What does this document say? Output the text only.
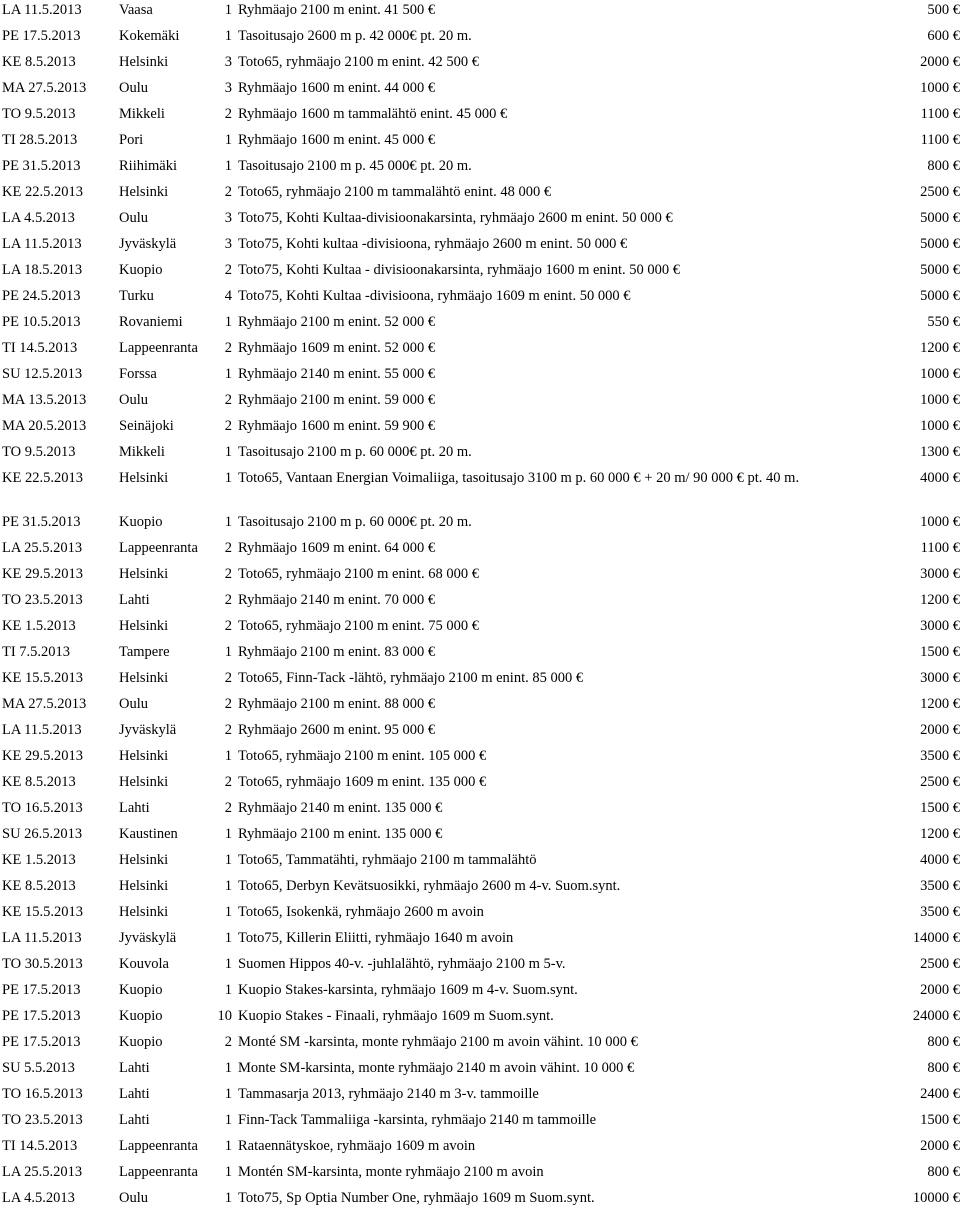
LA 11.5.2013	Vaasa	1 Ryhmäajo 2100 m enint. 41 500 €	500 €
PE 17.5.2013	Kokemäki	1 Tasoitusajo 2600 m p. 42 000€ pt. 20 m.	600 €
KE 8.5.2013	Helsinki	3 Toto65, ryhmäajo 2100 m enint. 42 500 €	2000 €
MA 27.5.2013 Oulu	3 Ryhmäajo 1600 m enint. 44 000 €	1000 €
TO 9.5.2013	Mikkeli	2 Ryhmäajo 1600 m tammalähtö enint. 45 000 €	1100 €
TI 28.5.2013	Pori	1 Ryhmäajo 1600 m enint. 45 000 €	1100 €
PE 31.5.2013	Riihimäki	1 Tasoitusajo 2100 m p. 45 000€ pt. 20 m.	800 €
KE 22.5.2013 Helsinki	2 Toto65, ryhmäajo 2100 m tammalähtö enint. 48 000 €	2500 €
LA 4.5.2013	Oulu	3 Toto75, Kohti Kultaa-divisioonakarsinta, ryhmäajo 2600 m enint. 50 000 €	5000 €
LA 11.5.2013	Jyväskylä	3 Toto75, Kohti kultaa -divisioona, ryhmäajo 2600 m enint. 50 000 €	5000 €
LA 18.5.2013	Kuopio	2 Toto75, Kohti Kultaa - divisioonakarsinta, ryhmäajo 1600 m enint. 50 000 €	5000 €
PE 24.5.2013	Turku	4 Toto75, Kohti Kultaa -divisioona, ryhmäajo 1609 m enint. 50 000 €	5000 €
PE 10.5.2013	Rovaniemi	1 Ryhmäajo 2100 m enint. 52 000 €	550 €
TI 14.5.2013	Lappeenranta	2 Ryhmäajo 1609 m enint. 52 000 €	1200 €
SU 12.5.2013	Forssa	1 Ryhmäajo 2140 m enint. 55 000 €	1000 €
MA 13.5.2013 Oulu	2 Ryhmäajo 2100 m enint. 59 000 €	1000 €
MA 20.5.2013 Seinäjoki	2 Ryhmäajo 1600 m enint. 59 900 €	1000 €
TO 9.5.2013	Mikkeli	1 Tasoitusajo 2100 m p. 60 000€ pt. 20 m.	1300 €
KE 22.5.2013 Helsinki	1 Toto65, Vantaan Energian Voimaliiga, tasoitusajo 3100 m p. 60 000 € + 20 m/ 90 000 € pt. 40 m.	4000 €
PE 31.5.2013	Kuopio	1 Tasoitusajo 2100 m p. 60 000€ pt. 20 m.	1000 €
LA 25.5.2013	Lappeenranta	2 Ryhmäajo 1609 m enint. 64 000 €	1100 €
KE 29.5.2013 Helsinki	2 Toto65, ryhmäajo 2100 m enint. 68 000 €	3000 €
TO 23.5.2013	Lahti	2 Ryhmäajo 2140 m enint. 70 000 €	1200 €
KE 1.5.2013	Helsinki	2 Toto65, ryhmäajo 2100 m enint. 75 000 €	3000 €
TI 7.5.2013	Tampere	1 Ryhmäajo 2100 m enint. 83 000 €	1500 €
KE 15.5.2013 Helsinki	2 Toto65, Finn-Tack -lähtö, ryhmäajo 2100 m enint. 85 000 €	3000 €
MA 27.5.2013 Oulu	2 Ryhmäajo 2100 m enint. 88 000 €	1200 €
LA 11.5.2013	Jyväskylä	2 Ryhmäajo 2600 m enint. 95 000 €	2000 €
KE 29.5.2013 Helsinki	1 Toto65, ryhmäajo 2100 m enint. 105 000 €	3500 €
KE 8.5.2013	Helsinki	2 Toto65, ryhmäajo 1609 m enint. 135 000 €	2500 €
TO 16.5.2013	Lahti	2 Ryhmäajo 2140 m enint. 135 000 €	1500 €
SU 26.5.2013	Kaustinen	1 Ryhmäajo 2100 m enint. 135 000 €	1200 €
KE 1.5.2013	Helsinki	1 Toto65, Tammatähti, ryhmäajo 2100 m tammalähtö	4000 €
KE 8.5.2013	Helsinki	1 Toto65, Derbyn Kevätsuosikki, ryhmäajo 2600 m 4-v. Suom.synt.	3500 €
KE 15.5.2013 Helsinki	1 Toto65, Isokenkä, ryhmäajo 2600 m avoin	3500 €
LA 11.5.2013	Jyväskylä	1 Toto75, Killerin Eliitti, ryhmäajo 1640 m avoin	14000 €
TO 30.5.2013	Kouvola	1 Suomen Hippos 40-v. -juhlalähtö, ryhmäajo 2100 m 5-v.	2500 €
PE 17.5.2013	Kuopio	1 Kuopio Stakes-karsinta, ryhmäajo 1609 m 4-v. Suom.synt.	2000 €
PE 17.5.2013	Kuopio	10 Kuopio Stakes - Finaali, ryhmäajo 1609 m Suom.synt.	24000 €
PE 17.5.2013	Kuopio	2 Monté SM -karsinta, monte ryhmäajo 2100 m avoin vähint. 10 000 €	800 €
SU 5.5.2013	Lahti	1 Monte SM-karsinta, monte ryhmäajo 2140 m avoin vähint. 10 000 €	800 €
TO 16.5.2013	Lahti	1 Tammasarja 2013, ryhmäajo 2140 m 3-v. tammoille	2400 €
TO 23.5.2013	Lahti	1 Finn-Tack Tammaliiga -karsinta, ryhmäajo 2140 m tammoille	1500 €
TI 14.5.2013	Lappeenranta	1 Rataennätyskoe, ryhmäajo 1609 m avoin	2000 €
LA 25.5.2013	Lappeenranta	1 Montén SM-karsinta, monte ryhmäajo 2100 m avoin	800 €
LA 4.5.2013	Oulu	1 Toto75, Sp Optia Number One, ryhmäajo 1609 m Suom.synt.	10000 €
